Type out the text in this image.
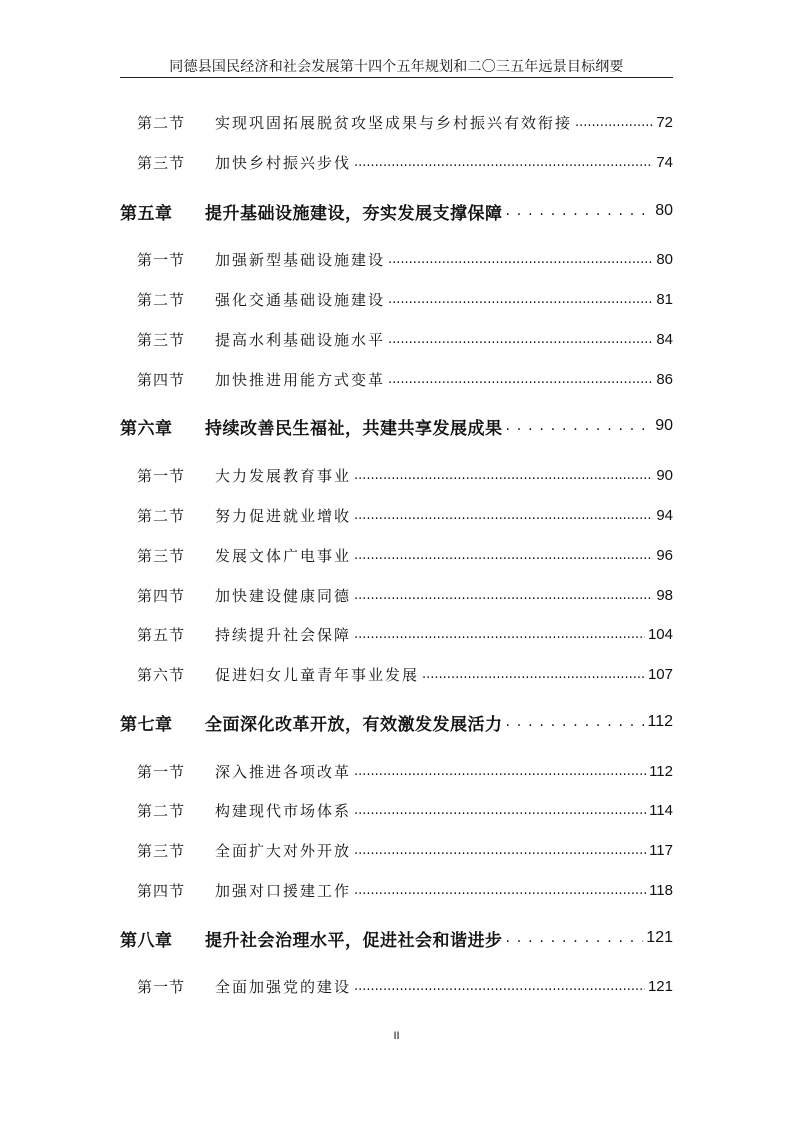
同德县国民经济和社会发展第十四个五年规划和二〇三五年远景目标纲要
第二节	实现巩固拓展脱贫攻坚成果与乡村振兴有效衔接 .....	72
第三节	加快乡村振兴步伐 .....	74
第五章	提升基础设施建设，夯实发展支撑保障 . . .	80
第一节	加强新型基础设施建设 .....	80
第二节	强化交通基础设施建设 .....	81
第三节	提高水利基础设施水平 .....	84
第四节	加快推进用能方式变革 .....	86
第六章	持续改善民生福祉，共建共享发展成果 . . .	90
第一节	大力发展教育事业 .....	90
第二节	努力促进就业增收 .....	94
第三节	发展文体广电事业 .....	96
第四节	加快建设健康同德 .....	98
第五节	持续提升社会保障 .....	104
第六节	促进妇女儿童青年事业发展 .....	107
第七章	全面深化改革开放，有效激发发展活力 . . .	112
第一节	深入推进各项改革 .....	112
第二节	构建现代市场体系 .....	114
第三节	全面扩大对外开放 .....	117
第四节	加强对口援建工作 .....	118
第八章	提升社会治理水平，促进社会和谐进步 . . .	121
第一节	全面加强党的建设 .....	121
II
